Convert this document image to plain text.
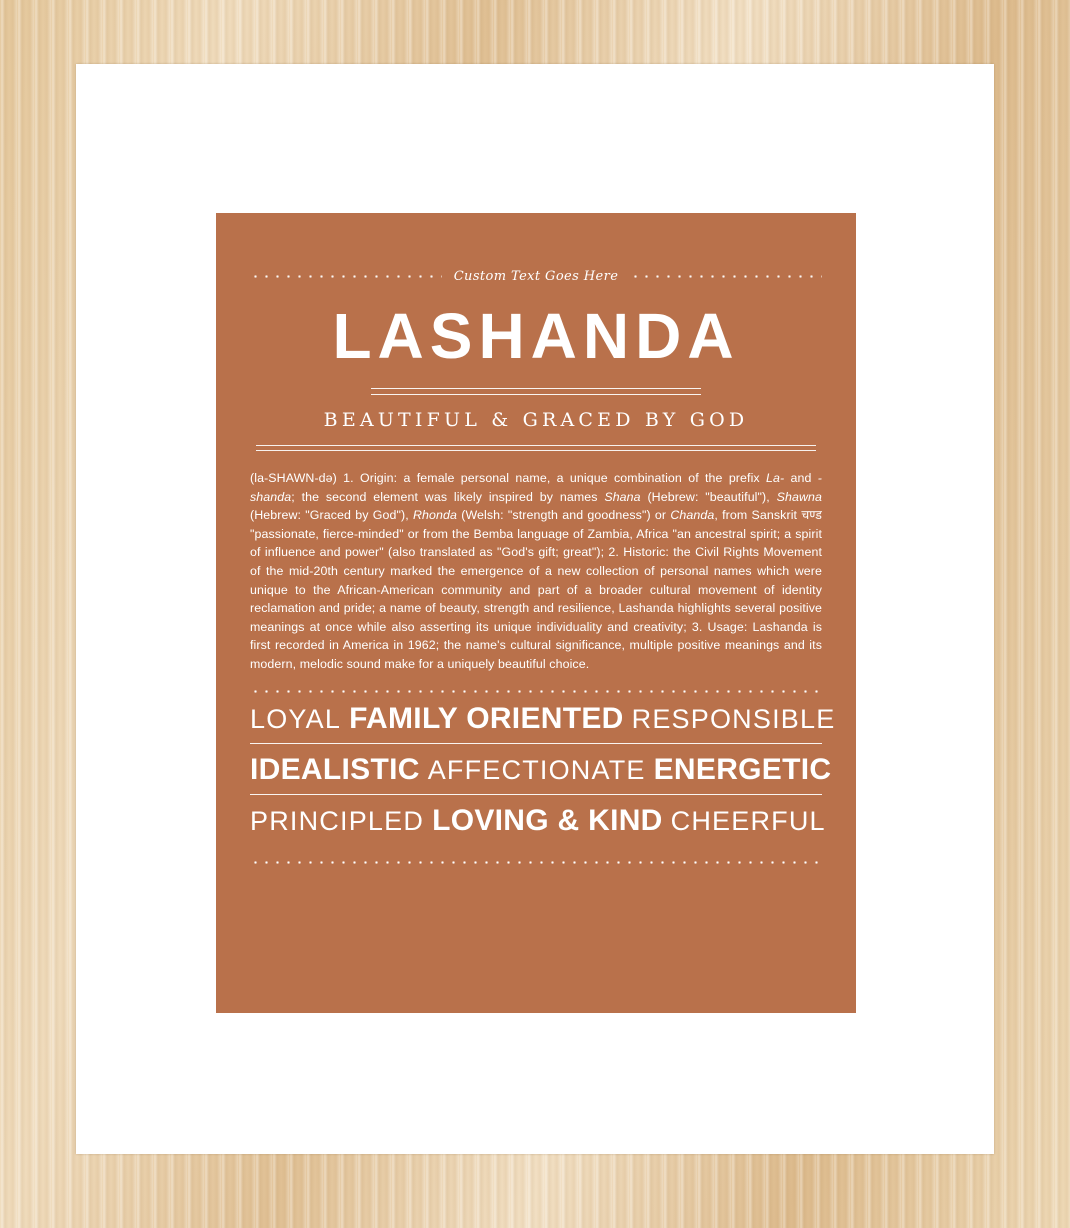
Custom Text Goes Here
LASHANDA
BEAUTIFUL & GRACED BY GOD
(la-SHAWN-də) 1. Origin: a female personal name, a unique combination of the prefix La- and -shanda; the second element was likely inspired by names Shana (Hebrew: "beautiful"), Shawna (Hebrew: "Graced by God"), Rhonda (Welsh: "strength and goodness") or Chanda, from Sanskrit चण्ड "passionate, fierce-minded" or from the Bemba language of Zambia, Africa "an ancestral spirit; a spirit of influence and power" (also translated as "God's gift; great"); 2. Historic: the Civil Rights Movement of the mid-20th century marked the emergence of a new collection of personal names which were unique to the African-American community and part of a broader cultural movement of identity reclamation and pride; a name of beauty, strength and resilience, Lashanda highlights several positive meanings at once while also asserting its unique individuality and creativity; 3. Usage: Lashanda is first recorded in America in 1962; the name's cultural significance, multiple positive meanings and its modern, melodic sound make for a uniquely beautiful choice.
LOYAL FAMILY ORIENTED RESPONSIBLE
IDEALISTIC AFFECTIONATE ENERGETIC
PRINCIPLED LOVING & KIND CHEERFUL
